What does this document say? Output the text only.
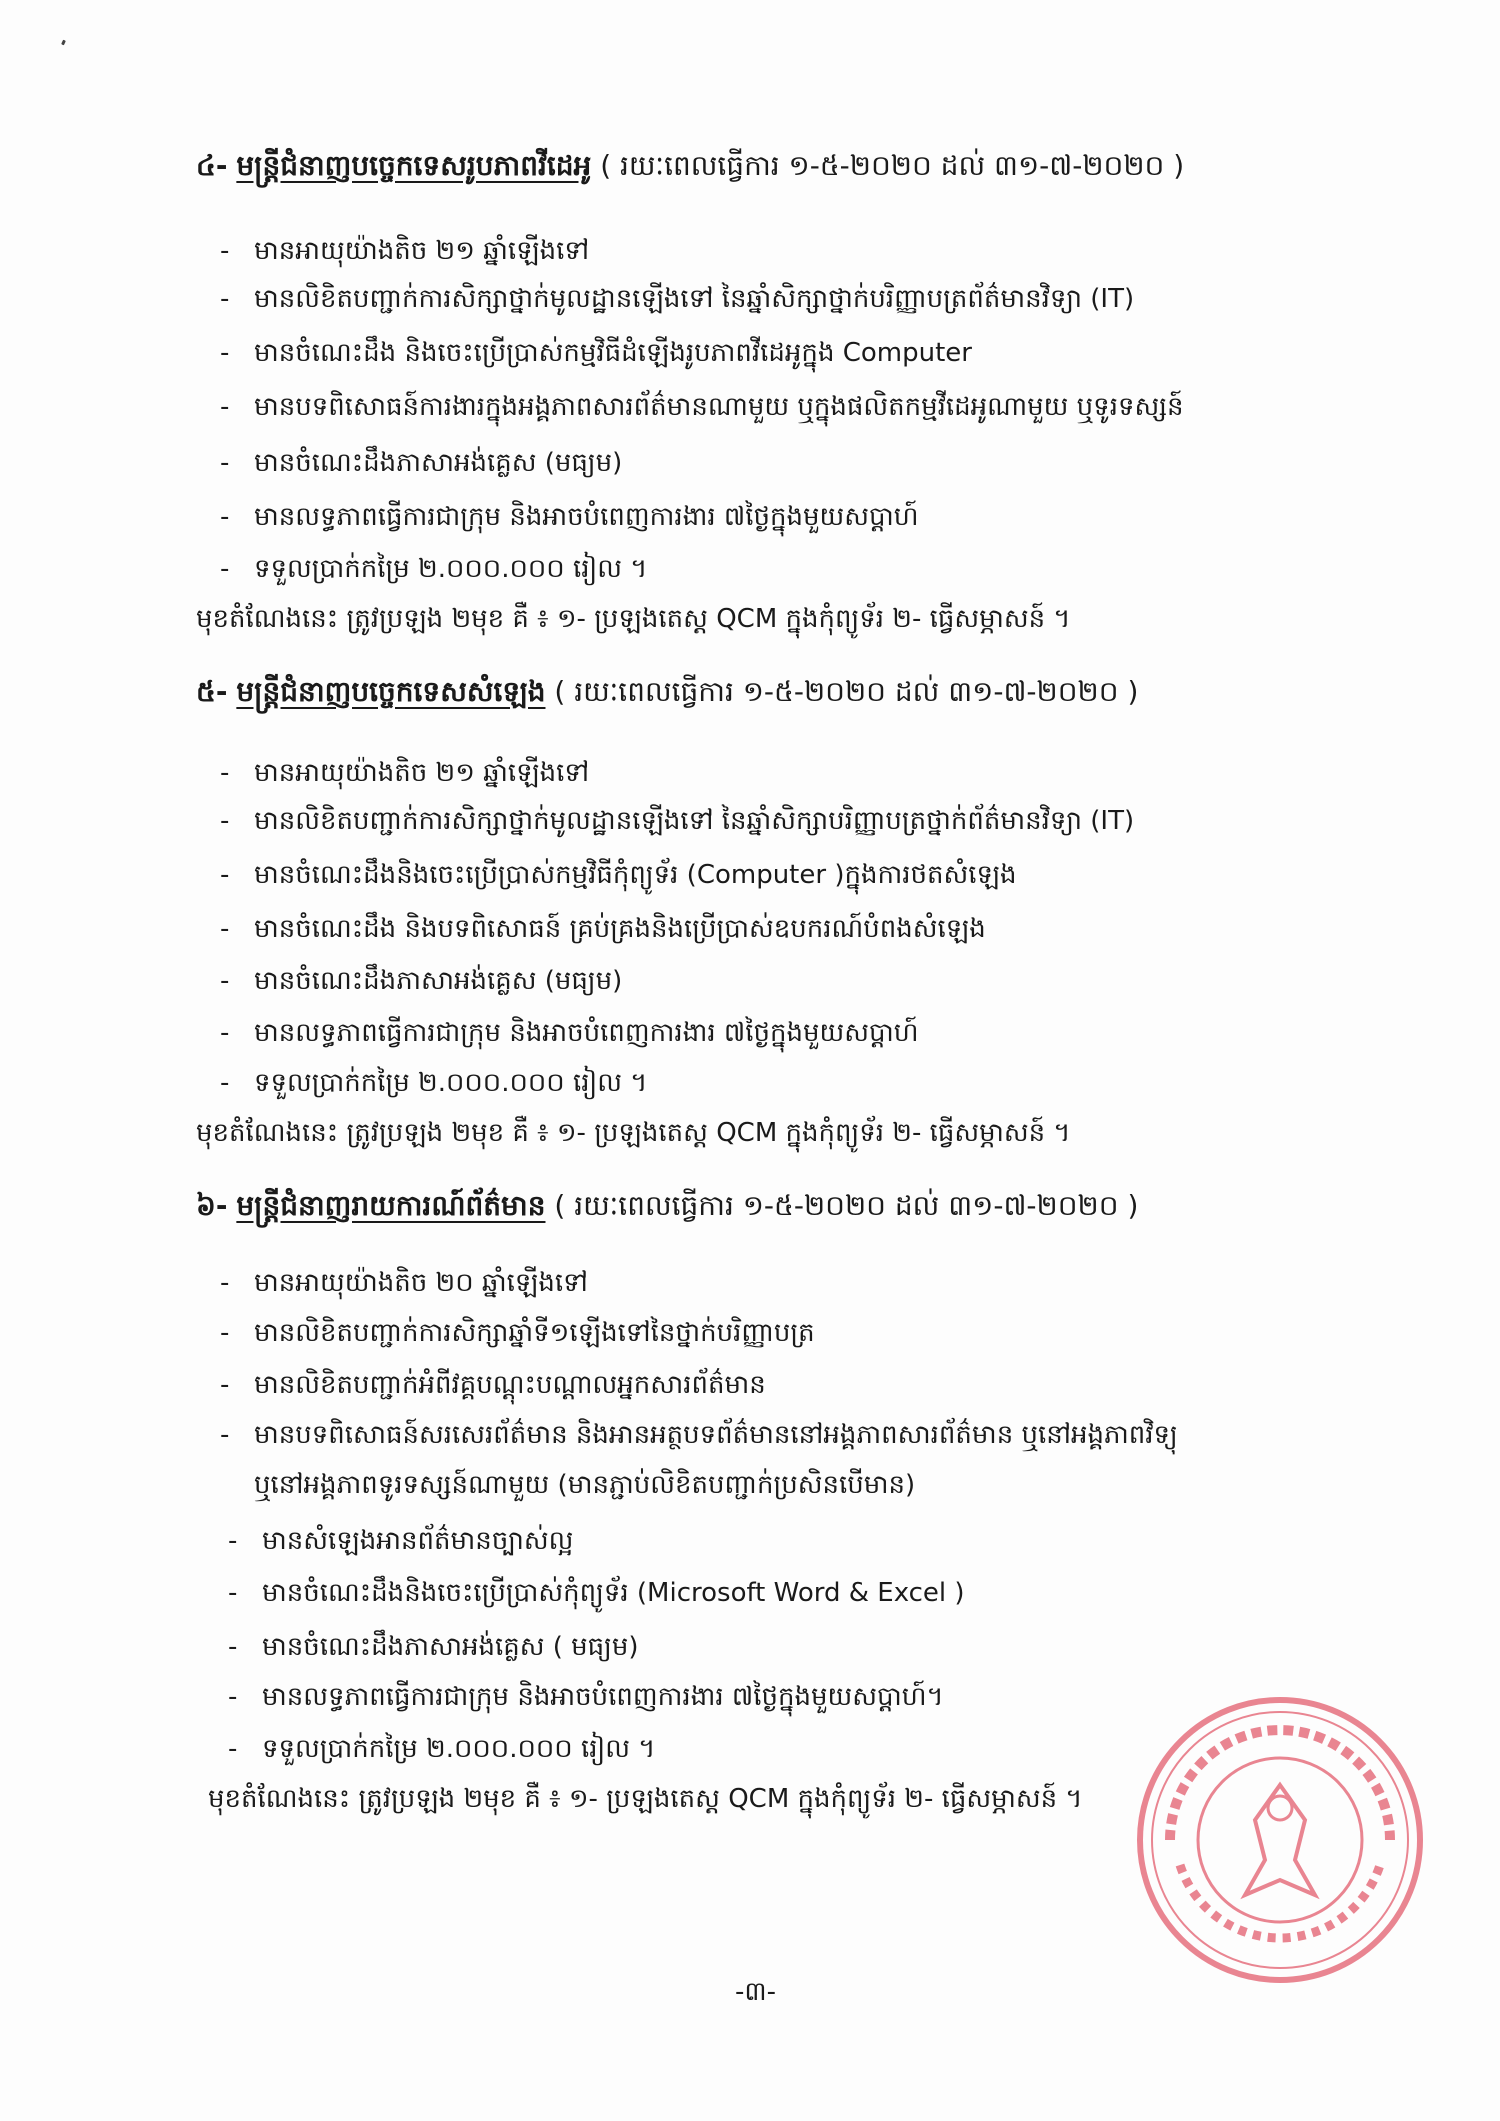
៤- មន្ត្រីជំនាញបច្ចេកទេសរូបភាពវីដេអូ ( រយៈពេលធ្វើការ ១-៥-២០២០ ដល់ ៣១-៧-២០២០ )
- មានអាយុយ៉ាងតិច ២១ ឆ្នាំឡើងទៅ
- មានលិខិតបញ្ជាក់ការសិក្សាថ្នាក់មូលដ្ឋានឡើងទៅ នៃឆ្នាំសិក្សាថ្នាក់បរិញ្ញាបត្រព័ត៌មានវិទ្យា (IT)
- មានចំណេះដឹង និងចេះប្រើប្រាស់កម្មវិធីដំឡើងរូបភាពវីដេអូក្នុង Computer
- មានបទពិសោធន៍ការងារក្នុងអង្គភាពសារព័ត៌មានណាមួយ ឬក្នុងផលិតកម្មវីដេអូណាមួយ ឬទូរទស្សន៍
- មានចំណេះដឹងភាសាអង់គ្លេស (មធ្យម)
- មានលទ្ធភាពធ្វើការជាក្រុម និងអាចបំពេញការងារ ៧ថ្ងៃក្នុងមួយសប្តាហ៍
- ទទួលប្រាក់កម្រៃ ២.០០០.០០០ រៀល ។
មុខតំណែងនេះ ត្រូវប្រឡង ២មុខ គឺ ៖ ១- ប្រឡងតេស្ត QCM ក្នុងកុំព្យូទ័រ ២- ធ្វើសម្ភាសន៍ ។
៥- មន្ត្រីជំនាញបច្ចេកទេសសំឡេង ( រយៈពេលធ្វើការ ១-៥-២០២០ ដល់ ៣១-៧-២០២០ )
- មានអាយុយ៉ាងតិច ២១ ឆ្នាំឡើងទៅ
- មានលិខិតបញ្ជាក់ការសិក្សាថ្នាក់មូលដ្ឋានឡើងទៅ នៃឆ្នាំសិក្សាបរិញ្ញាបត្រថ្នាក់ព័ត៌មានវិទ្យា (IT)
- មានចំណេះដឹងនិងចេះប្រើប្រាស់កម្មវិធីកុំព្យូទ័រ (Computer )ក្នុងការថតសំឡេង
- មានចំណេះដឹង និងបទពិសោធន៍ គ្រប់គ្រងនិងប្រើប្រាស់ឧបករណ៍បំពងសំឡេង
- មានចំណេះដឹងភាសាអង់គ្លេស (មធ្យម)
- មានលទ្ធភាពធ្វើការជាក្រុម និងអាចបំពេញការងារ ៧ថ្ងៃក្នុងមួយសប្តាហ៍
- ទទួលប្រាក់កម្រៃ ២.០០០.០០០ រៀល ។
មុខតំណែងនេះ ត្រូវប្រឡង ២មុខ គឺ ៖ ១- ប្រឡងតេស្ត QCM ក្នុងកុំព្យូទ័រ ២- ធ្វើសម្ភាសន៍ ។
៦- មន្ត្រីជំនាញរាយការណ៍ព័ត៌មាន ( រយៈពេលធ្វើការ ១-៥-២០២០ ដល់ ៣១-៧-២០២០ )
- មានអាយុយ៉ាងតិច ២០ ឆ្នាំឡើងទៅ
- មានលិខិតបញ្ជាក់ការសិក្សាឆ្នាំទី១ឡើងទៅនៃថ្នាក់បរិញ្ញាបត្រ
- មានលិខិតបញ្ជាក់អំពីវគ្គបណ្តុះបណ្តាលអ្នកសារព័ត៌មាន
- មានបទពិសោធន៍សរសេរព័ត៌មាន និងអានអត្ថបទព័ត៌មាននៅអង្គភាពសារព័ត៌មាន ឬនៅអង្គភាពវិទ្យុ
ឬនៅអង្គភាពទូរទស្សន៍ណាមួយ (មានភ្ជាប់លិខិតបញ្ជាក់ប្រសិនបើមាន)
- មានសំឡេងអានព័ត៌មានច្បាស់ល្អ
- មានចំណេះដឹងនិងចេះប្រើប្រាស់កុំព្យូទ័រ (Microsoft Word & Excel )
- មានចំណេះដឹងភាសាអង់គ្លេស ( មធ្យម)
- មានលទ្ធភាពធ្វើការជាក្រុម និងអាចបំពេញការងារ ៧ថ្ងៃក្នុងមួយសប្តាហ៍។
- ទទួលប្រាក់កម្រៃ ២.០០០.០០០ រៀល ។
មុខតំណែងនេះ ត្រូវប្រឡង ២មុខ គឺ ៖ ១- ប្រឡងតេស្ត QCM ក្នុងកុំព្យូទ័រ ២- ធ្វើសម្ភាសន៍ ។
-៣-
